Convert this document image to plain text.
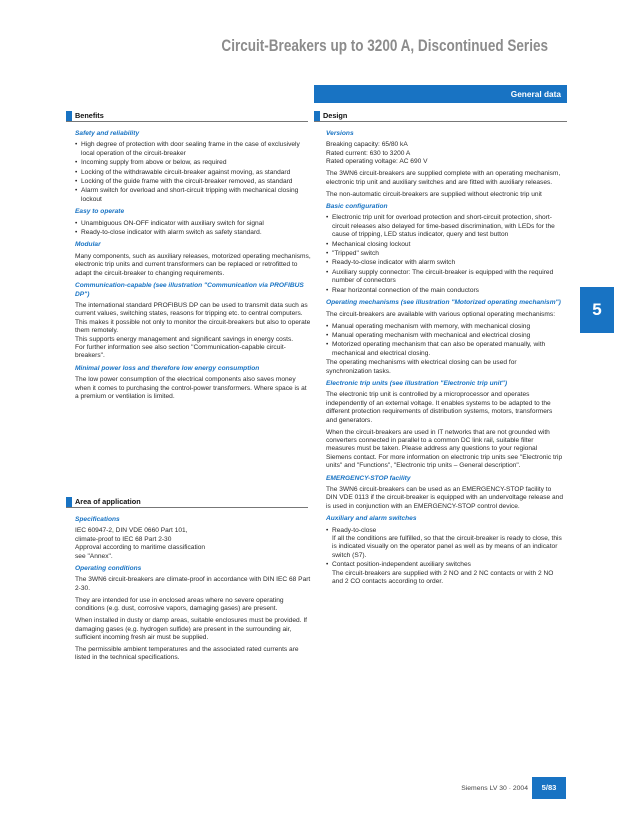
Circuit-Breakers up to 3200 A, Discontinued Series
General data
Benefits	Design
Safety and reliability
• High degree of protection with door sealing frame in the case of exclusively local operation of the circuit-breaker
• Incoming supply from above or below, as required
• Locking of the withdrawable circuit-breaker against moving, as standard
• Locking of the guide frame with the circuit-breaker removed, as standard
• Alarm switch for overload and short-circuit tripping with mechanical closing lockout
Easy to operate
• Unambiguous ON-OFF indicator with auxiliary switch for signal
• Ready-to-close indicator with alarm switch as safety standard.
Modular

Many components, such as auxiliary releases, motorized operating mechanisms, electronic trip units and current transformers can be replaced or retrofitted to adapt the circuit-breaker to changing requirements.

Communication-capable (see illustration "Communication via PROFIBUS DP")
The international standard PROFIBUS DP can be used to transmit data such as current values, switching states, reasons for tripping etc. to central computers. This makes it possible not only to monitor the circuit-breakers but also to operate them remotely.
This supports energy management and significant savings in energy costs.

For further information see also section "Communication-capable circuit-breakers".

Minimal power loss and therefore low energy consumption

The low power consumption of the electrical components also saves money when it comes to purchasing the control-power transformers. Where space is at a premium or ventilation is limited.

Area of application
Specifications
IEC 60947-2, DIN VDE 0660 Part 101,
climate-proof to IEC 68 Part 2-30
Approval according to maritime classification

see "Annex".

Operating conditions

The 3WN6 circuit-breakers are climate-proof in accordance with DIN IEC 68 Part 2-30.

They are intended for use in enclosed areas where no severe operating conditions (e.g. dust, corrosive vapors, damaging gases) are present.

When installed in dusty or damp areas, suitable enclosures must be provided. If damaging gases (e.g. hydrogen sulfide) are present in the surrounding air, sufficient incoming fresh air must be supplied.

The permissible ambient temperatures and the associated rated currents are listed in the technical specifications.

Versions
Breaking capacity: 65/80 kA
Rated current: 630 to 3200 A

Rated operating voltage: AC 690 V

The 3WN6 circuit-breakers are supplied complete with an operating mechanism, electronic trip unit and auxiliary switches and are fitted with auxiliary releases.

The non-automatic circuit-breakers are supplied without electronic trip unit

Basic configuration
• Electronic trip unit for overload protection and short-circuit protection, short-circuit releases also delayed for time-based discrimination, with LEDs for the cause of tripping, LED status indicator, query and test button
• Mechanical closing lockout
• "Tripped" switch
• Ready-to-close indicator with alarm switch
• Auxiliary supply connector: The circuit-breaker is equipped with the required number of connectors
• Rear horizontal connection of the main conductors
Operating mechanisms (see illustration "Motorized operating mechanism")

The circuit-breakers are available with various optional operating mechanisms:

• Manual operating mechanism with memory, with mechanical closing
• Manual operating mechanism with mechanical and electrical closing
• Motorized operating mechanism that can also be operated manually, with mechanical and electrical closing.

The operating mechanisms with electrical closing can be used for synchronization tasks.

Electronic trip units (see illustration "Electronic trip unit")

The electronic trip unit is controlled by a microprocessor and operates independently of an external voltage. It enables systems to be adapted to the different protection requirements of distribution systems, motors, transformers and generators.

When the circuit-breakers are used in IT networks that are not grounded with converters connected in parallel to a common DC link rail, suitable filter measures must be taken. Please address any questions to your regional Siemens contact. For more information on electronic trip units see "Electronic trip units" and "Functions", "Electronic trip units – General description".

EMERGENCY-STOP facility

The 3WN6 circuit-breakers can be used as an EMERGENCY-STOP facility to DIN VDE 0113 if the circuit-breaker is equipped with an undervoltage release and is used in conjunction with an EMERGENCY-STOP control device.

Auxiliary and alarm switches
• Ready-to-close
If all the conditions are fulfilled, so that the circuit-breaker is ready to close, this is indicated visually on the operator panel as well as by means of an indicator switch (S7).
• Contact position-independent auxiliary switches
The circuit-breakers are supplied with 2 NO and 2 NC contacts or with 2 NO and 2 CO contacts according to order.
5
Siemens LV 30 · 2004	5/83
